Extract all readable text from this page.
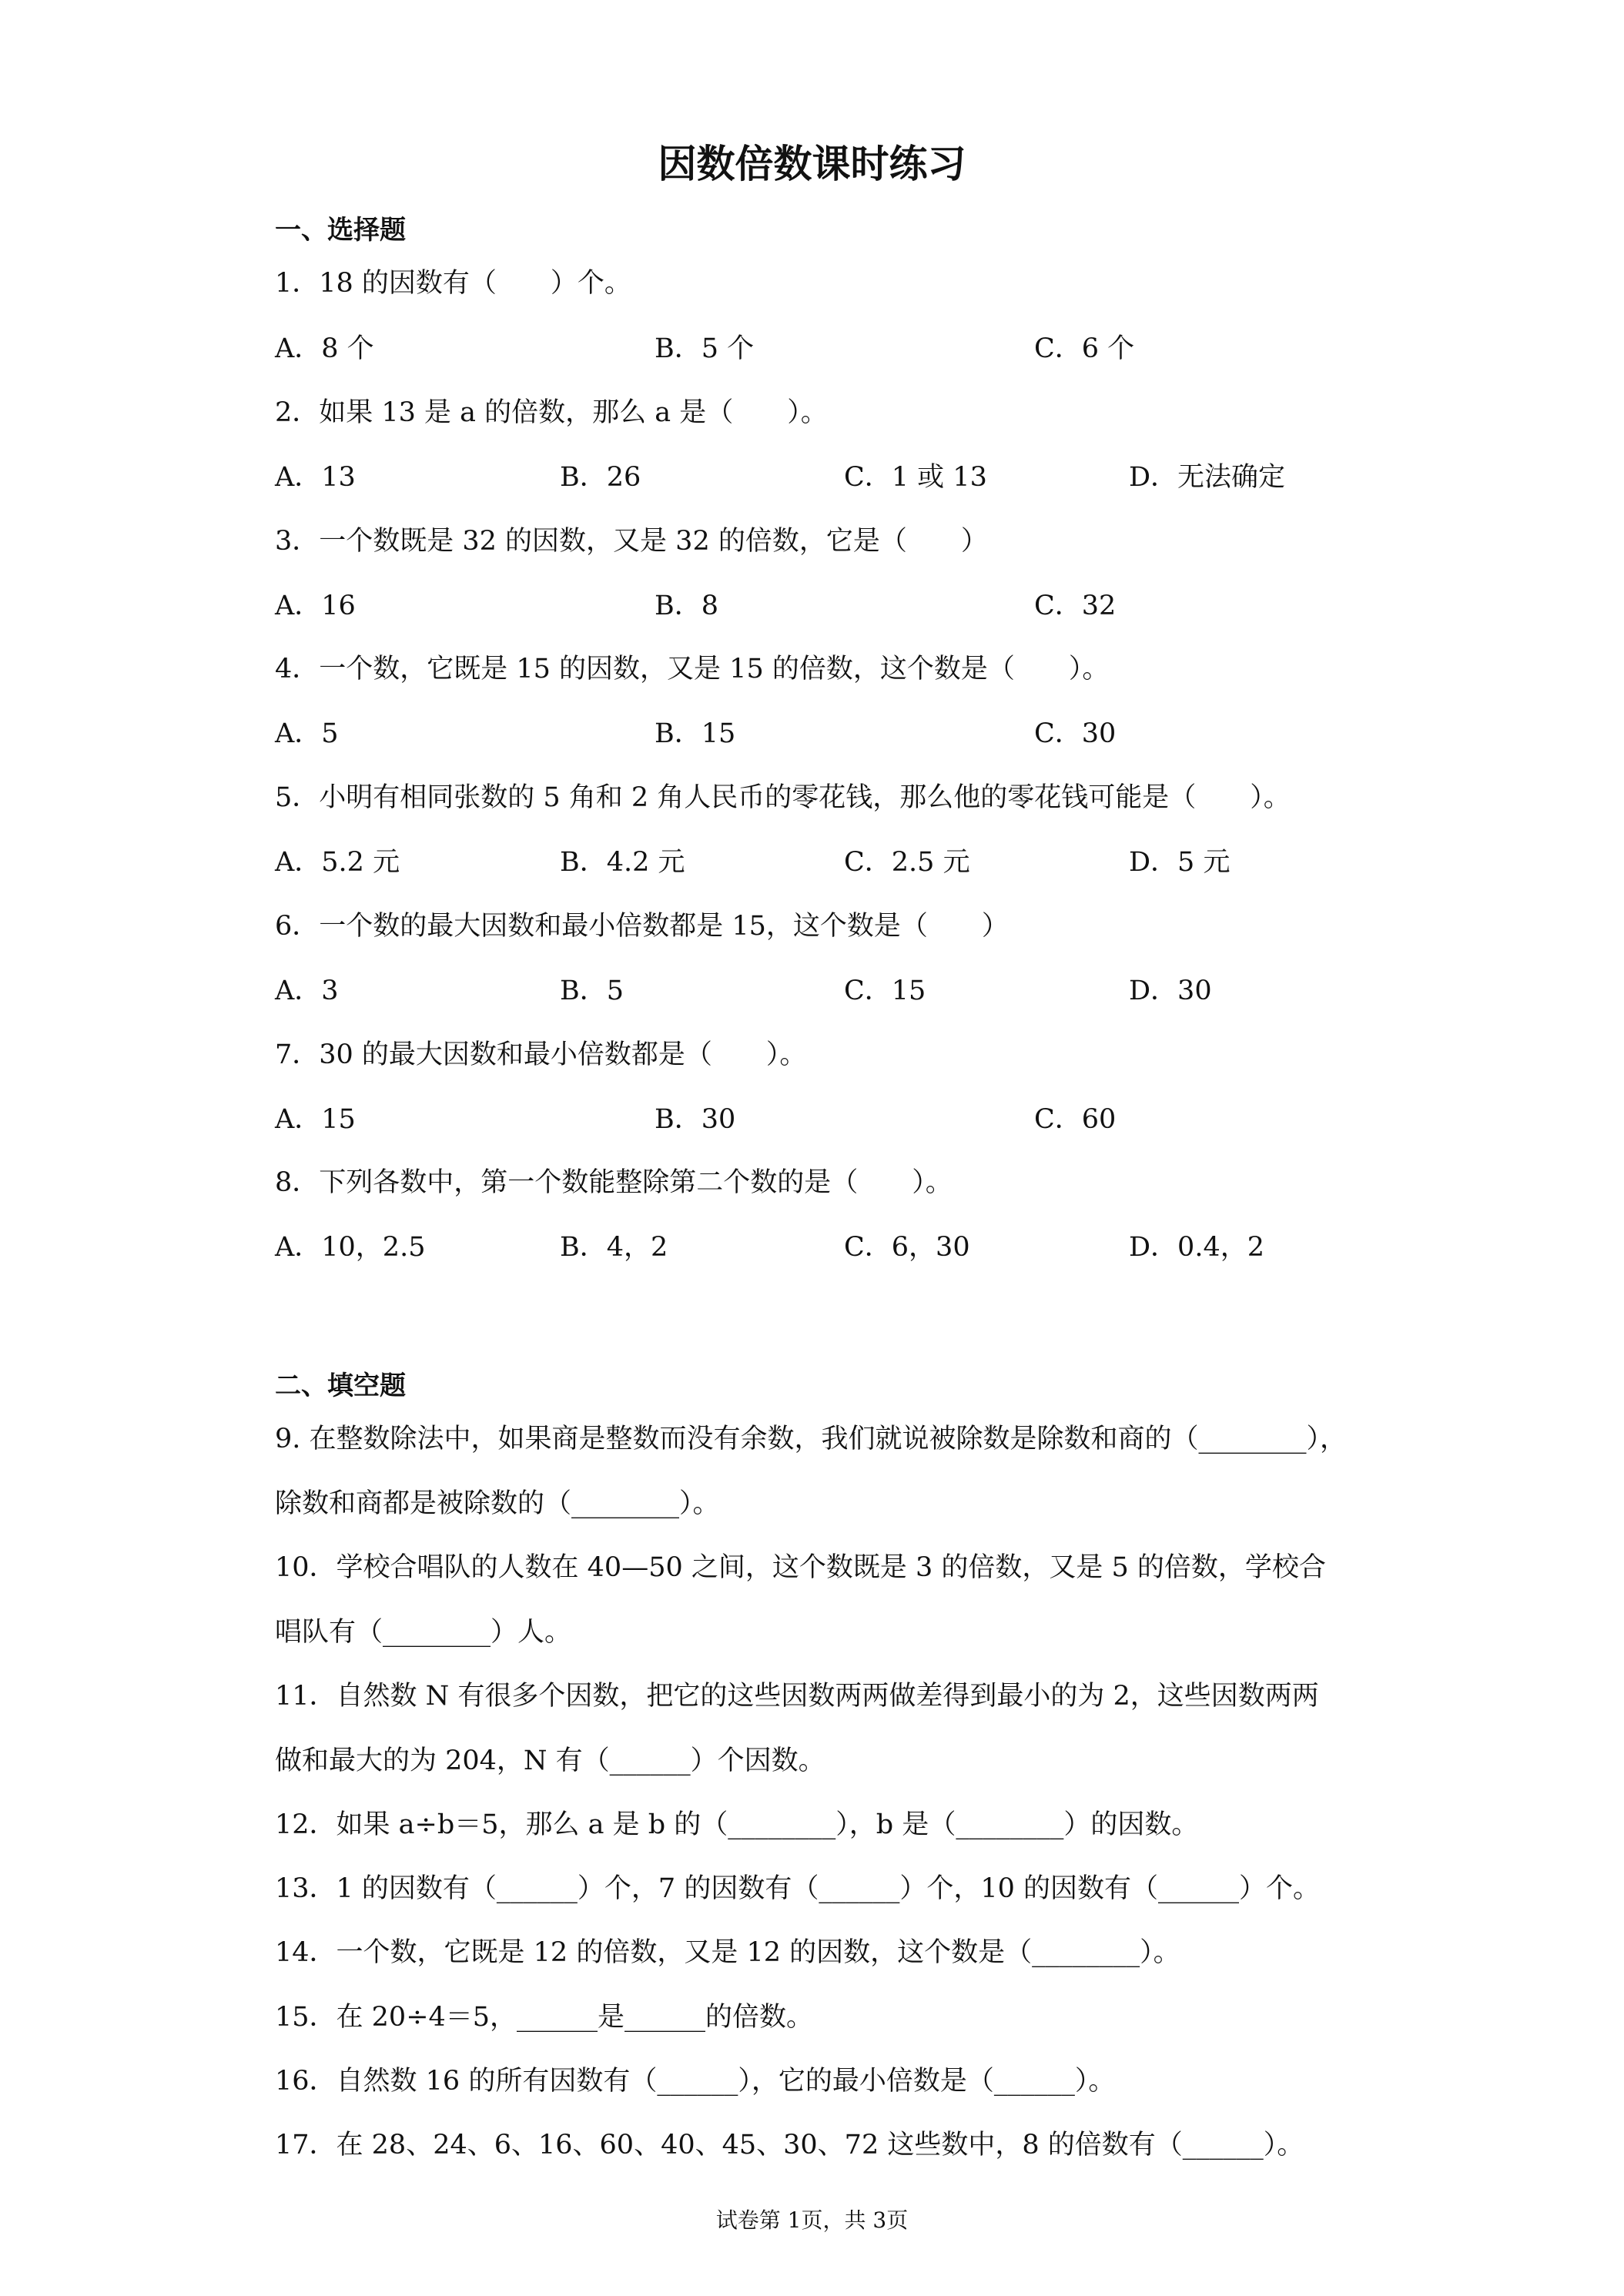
因数倍数课时练习
一、选择题
1．18 的因数有（　　）个。
A．8 个	B．5 个	C．6 个
2．如果 13 是 a 的倍数，那么 a 是（　　）。
A．13	B．26	C．1 或 13	D．无法确定
3．一个数既是 32 的因数，又是 32 的倍数，它是（　　）
A．16	B．8	C．32
4．一个数，它既是 15 的因数，又是 15 的倍数，这个数是（　　）。
A．5	B．15	C．30
5．小明有相同张数的 5 角和 2 角人民币的零花钱，那么他的零花钱可能是（　　）。
A．5.2 元	B．4.2 元	C．2.5 元	D．5 元
6．一个数的最大因数和最小倍数都是 15，这个数是（　　）
A．3	B．5	C．15	D．30
7．30 的最大因数和最小倍数都是（　　）。
A．15	B．30	C．60
8．下列各数中，第一个数能整除第二个数的是（　　）。
A．10，2.5	B．4，2	C．6，30	D．0.4，2
二、填空题
9. 在整数除法中，如果商是整数而没有余数，我们就说被除数是除数和商的（________），
除数和商都是被除数的（________）。
10．学校合唱队的人数在 40—50 之间，这个数既是 3 的倍数，又是 5 的倍数，学校合
唱队有（________）人。
11．自然数 N 有很多个因数，把它的这些因数两两做差得到最小的为 2，这些因数两两
做和最大的为 204，N 有（______）个因数。
12．如果 a÷b＝5，那么 a 是 b 的（________），b 是（________）的因数。
13．1 的因数有（______）个，7 的因数有（______）个，10 的因数有（______）个。
14．一个数，它既是 12 的倍数，又是 12 的因数，这个数是（________）。
15．在 20÷4＝5，______是______的倍数。
16．自然数 16 的所有因数有（______），它的最小倍数是（______）。
17．在 28、24、6、16、60、40、45、30、72 这些数中，8 的倍数有（______）。
试卷第 1页，共 3页
